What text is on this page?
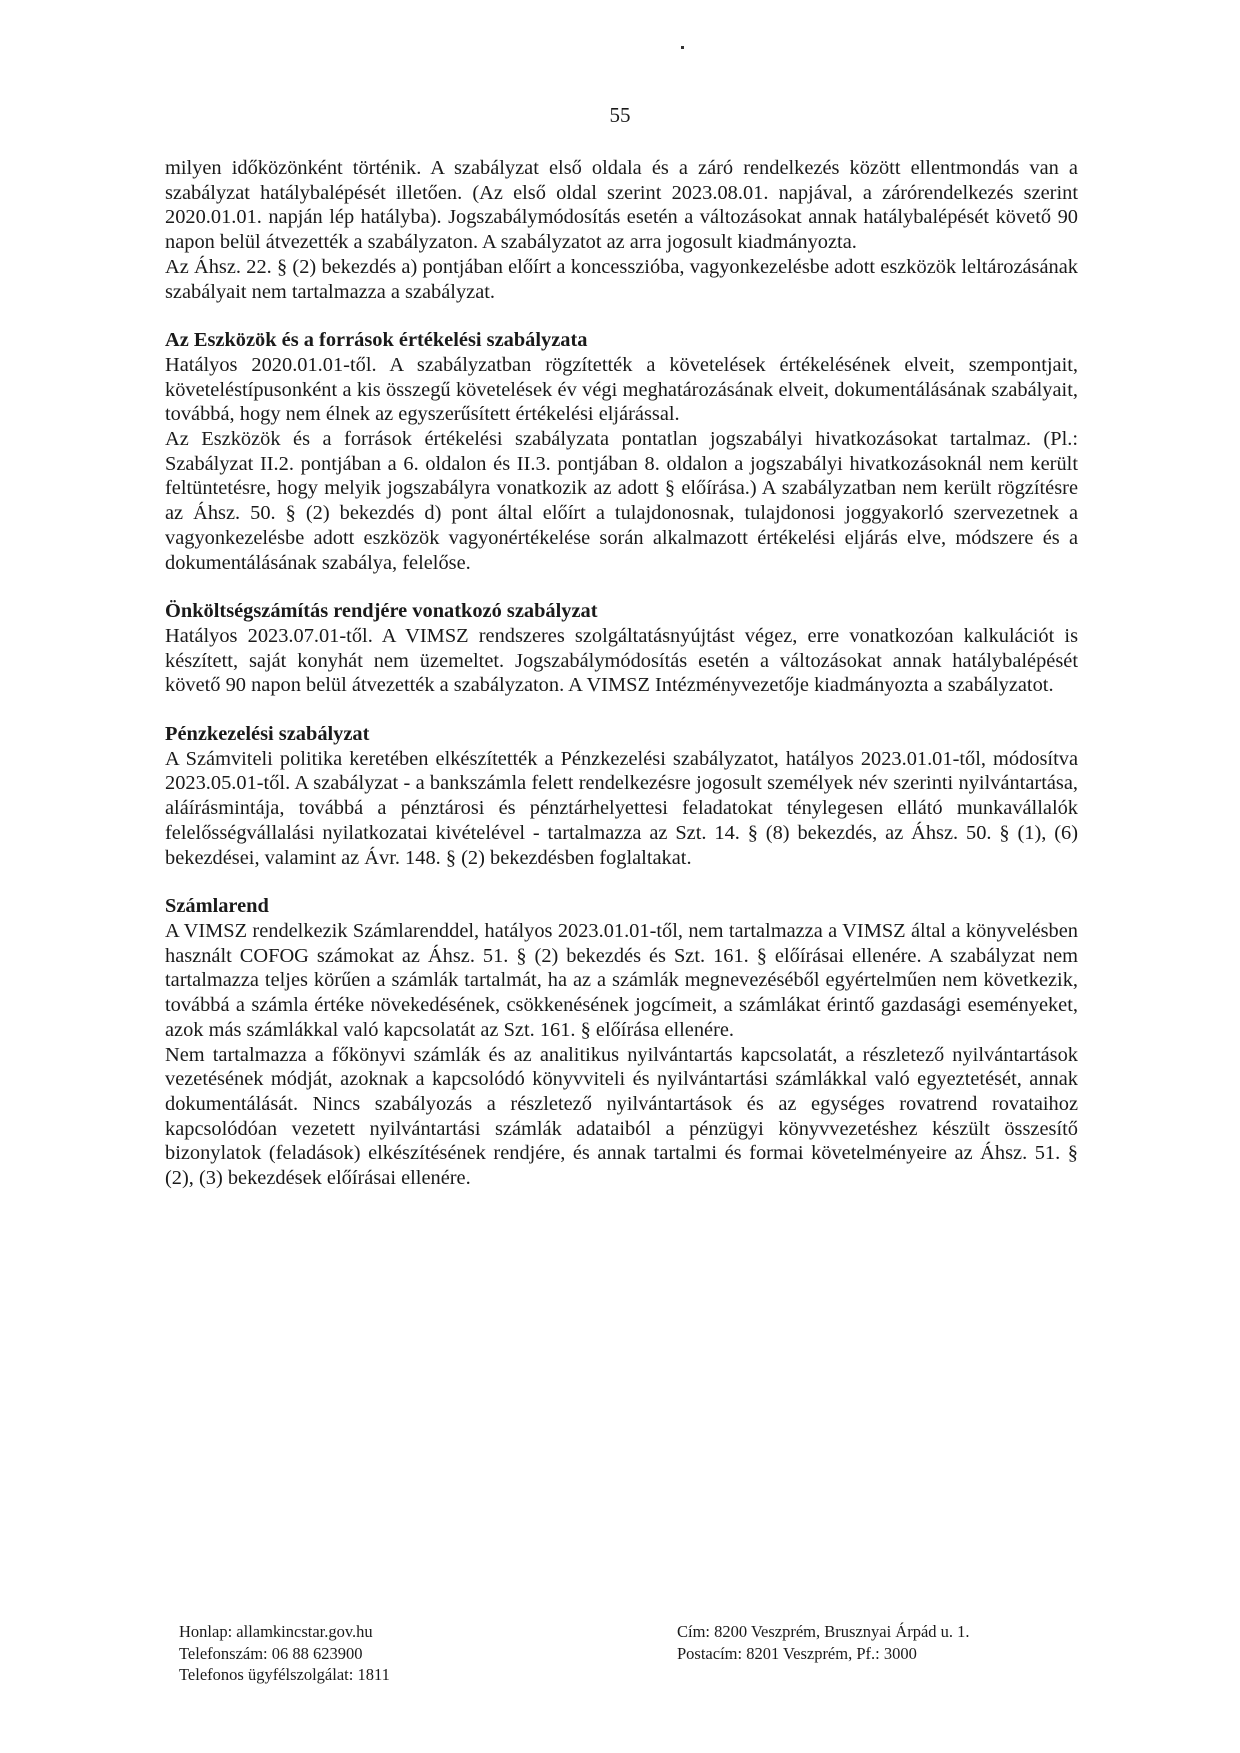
55

milyen időközönként történik. A szabályzat első oldala és a záró rendelkezés között ellentmondás van a szabályzat hatálybalépését illetően. (Az első oldal szerint 2023.08.01. napjával, a zárórendelkezés szerint 2020.01.01. napján lép hatályba). Jogszabálymódosítás esetén a változásokat annak hatálybalépését követő 90 napon belül átvezették a szabályzaton. A szabályzatot az arra jogosult kiadmányozta.

Az Áhsz. 22. § (2) bekezdés a) pontjában előírt a koncesszióba, vagyonkezelésbe adott eszközök leltározásának szabályait nem tartalmazza a szabályzat.

Az Eszközök és a források értékelési szabályzata

Hatályos 2020.01.01-től. A szabályzatban rögzítették a követelések értékelésének elveit, szempontjait, követeléstípusonként a kis összegű követelések év végi meghatározásának elveit, dokumentálásának szabályait, továbbá, hogy nem élnek az egyszerűsített értékelési eljárással.

Az Eszközök és a források értékelési szabályzata pontatlan jogszabályi hivatkozásokat tartalmaz. (Pl.: Szabályzat II.2. pontjában a 6. oldalon és II.3. pontjában 8. oldalon a jogszabályi hivatkozásoknál nem került feltüntetésre, hogy melyik jogszabályra vonatkozik az adott § előírása.) A szabályzatban nem került rögzítésre az Áhsz. 50. § (2) bekezdés d) pont által előírt a tulajdonosnak, tulajdonosi joggyakorló szervezetnek a vagyonkezelésbe adott eszközök vagyonértékelése során alkalmazott értékelési eljárás elve, módszere és a dokumentálásának szabálya, felelőse.

Önköltségszámítás rendjére vonatkozó szabályzat

Hatályos 2023.07.01-től. A VIMSZ rendszeres szolgáltatásnyújtást végez, erre vonatkozóan kalkulációt is készített, saját konyhát nem üzemeltet. Jogszabálymódosítás esetén a változásokat annak hatálybalépését követő 90 napon belül átvezették a szabályzaton. A VIMSZ Intézményvezetője kiadmányozta a szabályzatot.

Pénzkezelési szabályzat

A Számviteli politika keretében elkészítették a Pénzkezelési szabályzatot, hatályos 2023.01.01-től, módosítva 2023.05.01-től. A szabályzat - a bankszámla felett rendelkezésre jogosult személyek név szerinti nyilvántartása, aláírásmintája, továbbá a pénztárosi és pénztárhelyettesi feladatokat ténylegesen ellátó munkavállalók felelősségvállalási nyilatkozatai kivételével - tartalmazza az Szt. 14. § (8) bekezdés, az Áhsz. 50. § (1), (6) bekezdései, valamint az Ávr. 148. § (2) bekezdésben foglaltakat.

Számlarend

A VIMSZ rendelkezik Számlarenddel, hatályos 2023.01.01-től, nem tartalmazza a VIMSZ által a könyvelésben használt COFOG számokat az Áhsz. 51. § (2) bekezdés és Szt. 161. § előírásai ellenére. A szabályzat nem tartalmazza teljes körűen a számlák tartalmát, ha az a számlák megnevezéséből egyértelműen nem következik, továbbá a számla értéke növekedésének, csökkenésének jogcímeit, a számlákat érintő gazdasági eseményeket, azok más számlákkal való kapcsolatát az Szt. 161. § előírása ellenére.

Nem tartalmazza a főkönyvi számlák és az analitikus nyilvántartás kapcsolatát, a részletező nyilvántartások vezetésének módját, azoknak a kapcsolódó könyvviteli és nyilvántartási számlákkal való egyeztetését, annak dokumentálását. Nincs szabályozás a részletező nyilvántartások és az egységes rovatrend rovataihoz kapcsolódóan vezetett nyilvántartási számlák adataiból a pénzügyi könyvvezetéshez készült összesítő bizonylatok (feladások) elkészítésének rendjére, és annak tartalmi és formai követelményeire az Áhsz. 51. § (2), (3) bekezdések előírásai ellenére.

Honlap: allamkincstar.gov.hu
Telefonszám: 06 88 623900
Telefonos ügyfélszolgálat: 1811
Cím: 8200 Veszprém, Brusznyai Árpád u. 1.
Postacím: 8201 Veszprém, Pf.: 3000
